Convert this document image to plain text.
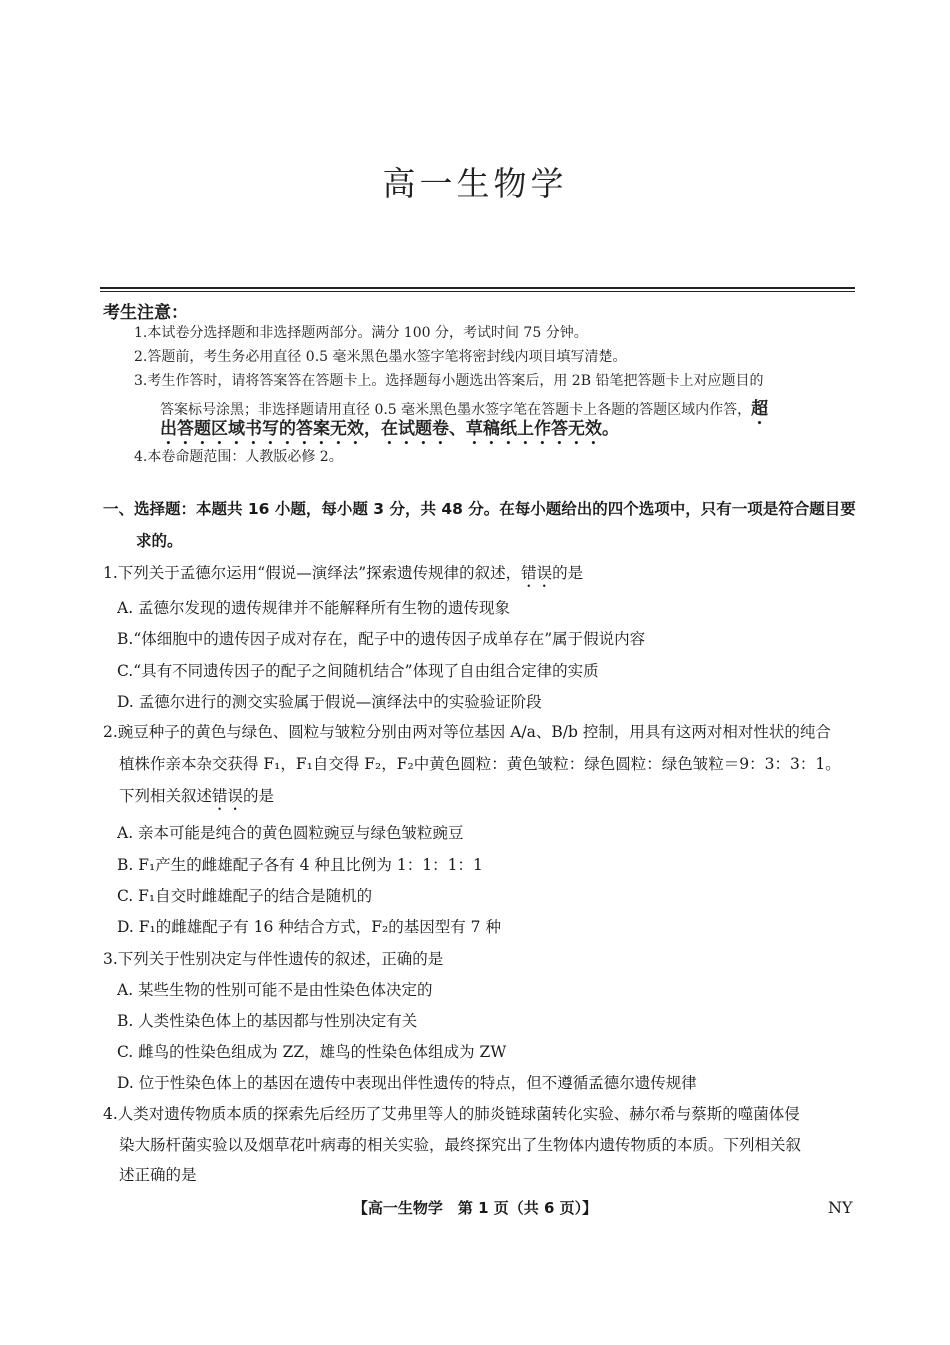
高一生物学
考生注意：
1.本试卷分选择题和非选择题两部分。满分 100 分，考试时间 75 分钟。
2.答题前，考生务必用直径 0.5 毫米黑色墨水签字笔将密封线内项目填写清楚。
3.考生作答时，请将答案答在答题卡上。选择题每小题选出答案后，用 2B 铅笔把答题卡上对应题目的
答案标号涂黑；非选择题请用直径 0.5 毫米黑色墨水签字笔在答题卡上各题的答题区域内作答，超
出答题区域书写的答案无效，在试题卷、草稿纸上作答无效。
4.本卷命题范围：人教版必修 2。
一、选择题：本题共 16 小题，每小题 3 分，共 48 分。在每小题给出的四个选项中，只有一项是符合题目要
求的。
1.下列关于孟德尔运用“假说—演绎法”探索遗传规律的叙述，错误的是
A. 孟德尔发现的遗传规律并不能解释所有生物的遗传现象
B.“体细胞中的遗传因子成对存在，配子中的遗传因子成单存在”属于假说内容
C.“具有不同遗传因子的配子之间随机结合”体现了自由组合定律的实质
D. 孟德尔进行的测交实验属于假说—演绎法中的实验验证阶段
2.豌豆种子的黄色与绿色、圆粒与皱粒分别由两对等位基因 A/a、B/b 控制，用具有这两对相对性状的纯合
植株作亲本杂交获得 F₁，F₁自交得 F₂，F₂中黄色圆粒：黄色皱粒：绿色圆粒：绿色皱粒＝9：3：3：1。
下列相关叙述错误的是
A. 亲本可能是纯合的黄色圆粒豌豆与绿色皱粒豌豆
B. F₁产生的雌雄配子各有 4 种且比例为 1：1：1：1
C. F₁自交时雌雄配子的结合是随机的
D. F₁的雌雄配子有 16 种结合方式，F₂的基因型有 7 种
3.下列关于性别决定与伴性遗传的叙述，正确的是
A. 某些生物的性别可能不是由性染色体决定的
B. 人类性染色体上的基因都与性别决定有关
C. 雌鸟的性染色组成为 ZZ，雄鸟的性染色体组成为 ZW
D. 位于性染色体上的基因在遗传中表现出伴性遗传的特点，但不遵循孟德尔遗传规律
4.人类对遗传物质本质的探索先后经历了艾弗里等人的肺炎链球菌转化实验、赫尔希与蔡斯的噬菌体侵
染大肠杆菌实验以及烟草花叶病毒的相关实验，最终探究出了生物体内遗传物质的本质。下列相关叙
述正确的是
【高一生物学　第 1 页（共 6 页）】	NY
